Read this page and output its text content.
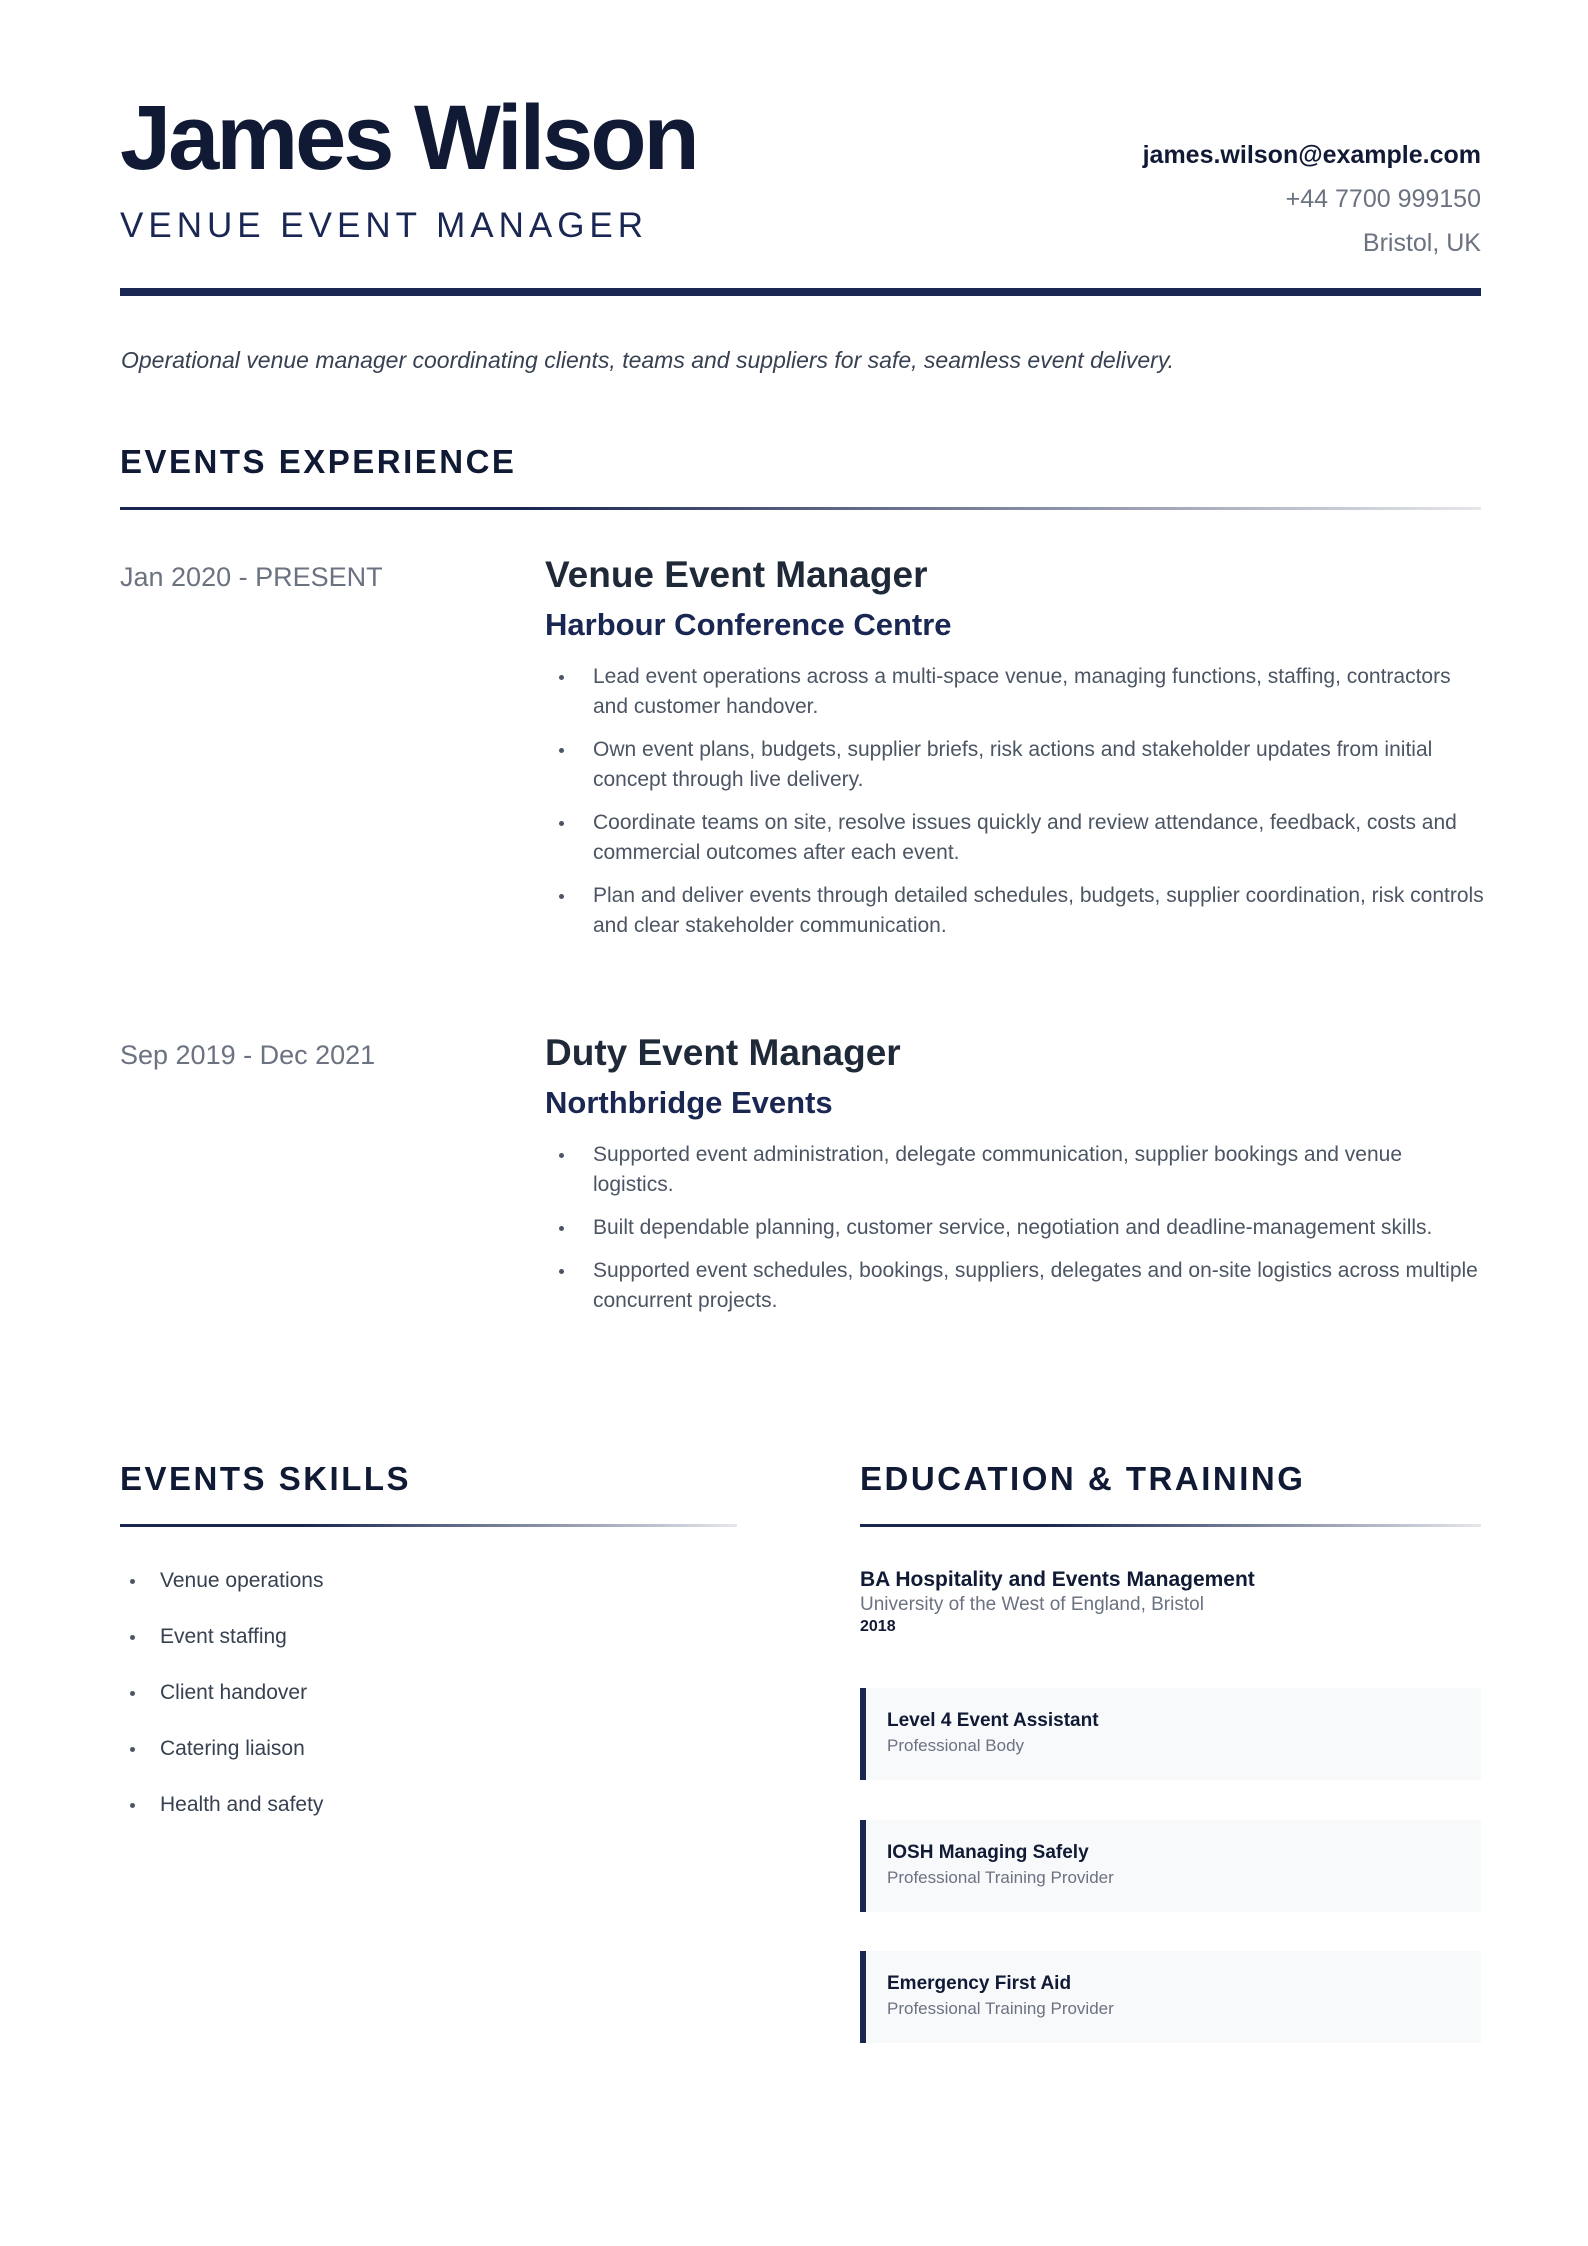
James Wilson
VENUE EVENT MANAGER
james.wilson@example.com
+44 7700 999150
Bristol, UK

Operational venue manager coordinating clients, teams and suppliers for safe, seamless event delivery.

EVENTS EXPERIENCE
Jan 2020 - PRESENT	Venue Event Manager
Harbour Conference Centre
Lead event operations across a multi-space venue, managing functions, staffing, contractors and customer handover.
Own event plans, budgets, supplier briefs, risk actions and stakeholder updates from initial concept through live delivery.
Coordinate teams on site, resolve issues quickly and review attendance, feedback, costs and commercial outcomes after each event.
Plan and deliver events through detailed schedules, budgets, supplier coordination, risk controls and clear stakeholder communication.
Sep 2019 - Dec 2021	Duty Event Manager
Northbridge Events
Supported event administration, delegate communication, supplier bookings and venue logistics.
Built dependable planning, customer service, negotiation and deadline-management skills.
Supported event schedules, bookings, suppliers, delegates and on-site logistics across multiple concurrent projects.
EVENTS SKILLS
Venue operations
Event staffing
Client handover
Catering liaison
Health and safety
EDUCATION & TRAINING

BA Hospitality and Events Management

University of the West of England, Bristol
2018
Level 4 Event Assistant
Professional Body
IOSH Managing Safely
Professional Training Provider
Emergency First Aid
Professional Training Provider
